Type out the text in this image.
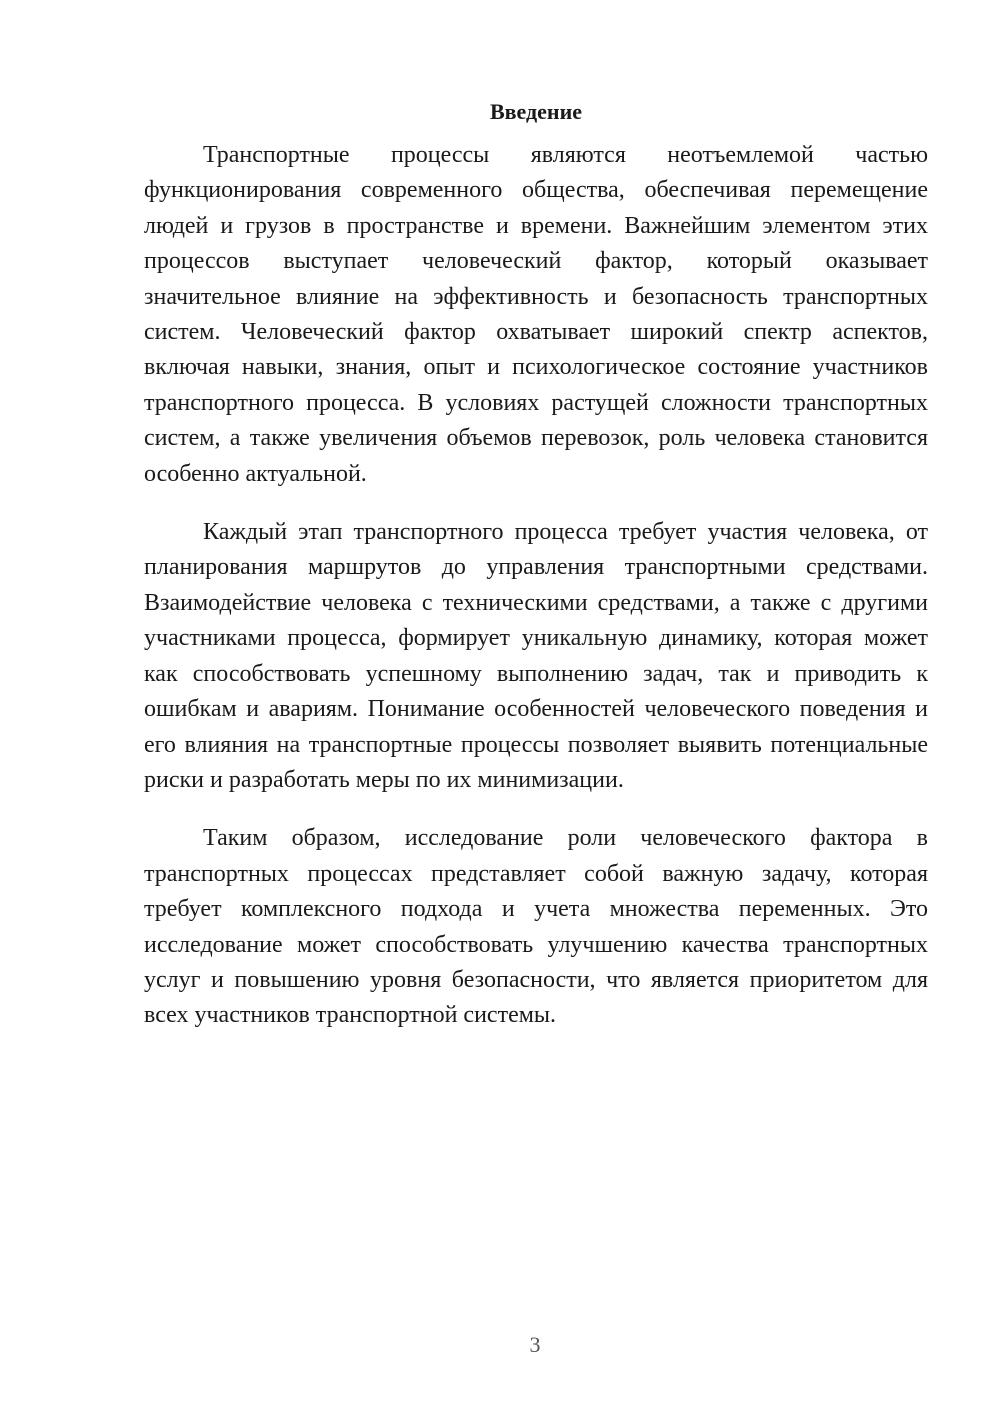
Введение

Транспортные процессы являются неотъемлемой частью функционирования современного общества, обеспечивая перемещение людей и грузов в пространстве и времени. Важнейшим элементом этих процессов выступает человеческий фактор, который оказывает значительное влияние на эффективность и безопасность транспортных систем. Человеческий фактор охватывает широкий спектр аспектов, включая навыки, знания, опыт и психологическое состояние участников транспортного процесса. В условиях растущей сложности транспортных систем, а также увеличения объемов перевозок, роль человека становится особенно актуальной.

Каждый этап транспортного процесса требует участия человека, от планирования маршрутов до управления транспортными средствами. Взаимодействие человека с техническими средствами, а также с другими участниками процесса, формирует уникальную динамику, которая может как способствовать успешному выполнению задач, так и приводить к ошибкам и авариям. Понимание особенностей человеческого поведения и его влияния на транспортные процессы позволяет выявить потенциальные риски и разработать меры по их минимизации.

Таким образом, исследование роли человеческого фактора в транспортных процессах представляет собой важную задачу, которая требует комплексного подхода и учета множества переменных. Это исследование может способствовать улучшению качества транспортных услуг и повышению уровня безопасности, что является приоритетом для всех участников транспортной системы.

3
